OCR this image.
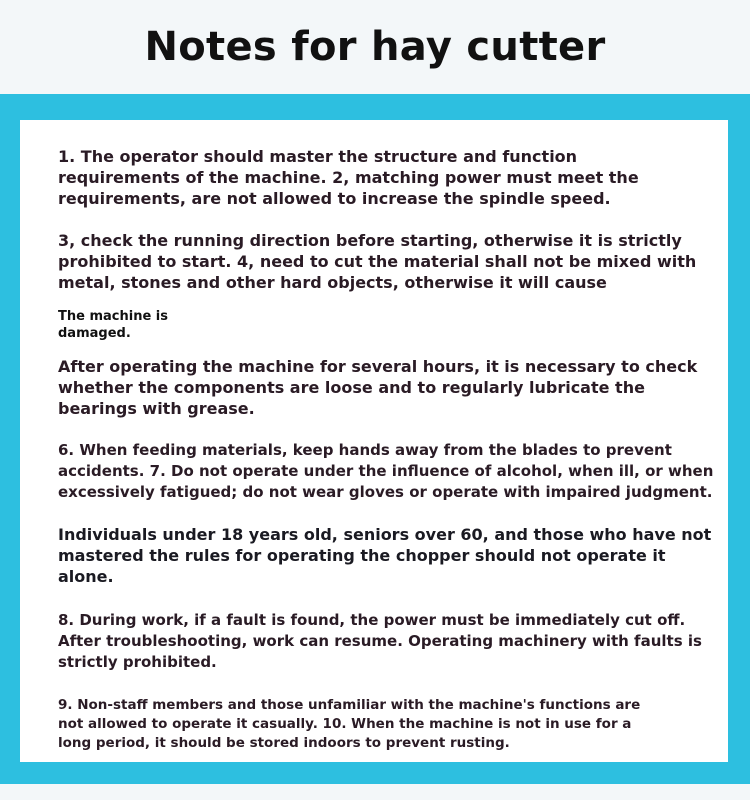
Notes for hay cutter

1. The operator should master the structure and function
requirements of the machine. 2, matching power must meet the
requirements, are not allowed to increase the spindle speed.

3, check the running direction before starting, otherwise it is strictly
prohibited to start. 4, need to cut the material shall not be mixed with
metal, stones and other hard objects, otherwise it will cause

The machine is
damaged.

After operating the machine for several hours, it is necessary to check
whether the components are loose and to regularly lubricate the
bearings with grease.

6. When feeding materials, keep hands away from the blades to prevent
accidents. 7. Do not operate under the influence of alcohol, when ill, or when
excessively fatigued; do not wear gloves or operate with impaired judgment.

Individuals under 18 years old, seniors over 60, and those who have not
mastered the rules for operating the chopper should not operate it
alone.

8. During work, if a fault is found, the power must be immediately cut off.
After troubleshooting, work can resume. Operating machinery with faults is
strictly prohibited.

9. Non-staff members and those unfamiliar with the machine's functions are
not allowed to operate it casually. 10. When the machine is not in use for a
long period, it should be stored indoors to prevent rusting.
